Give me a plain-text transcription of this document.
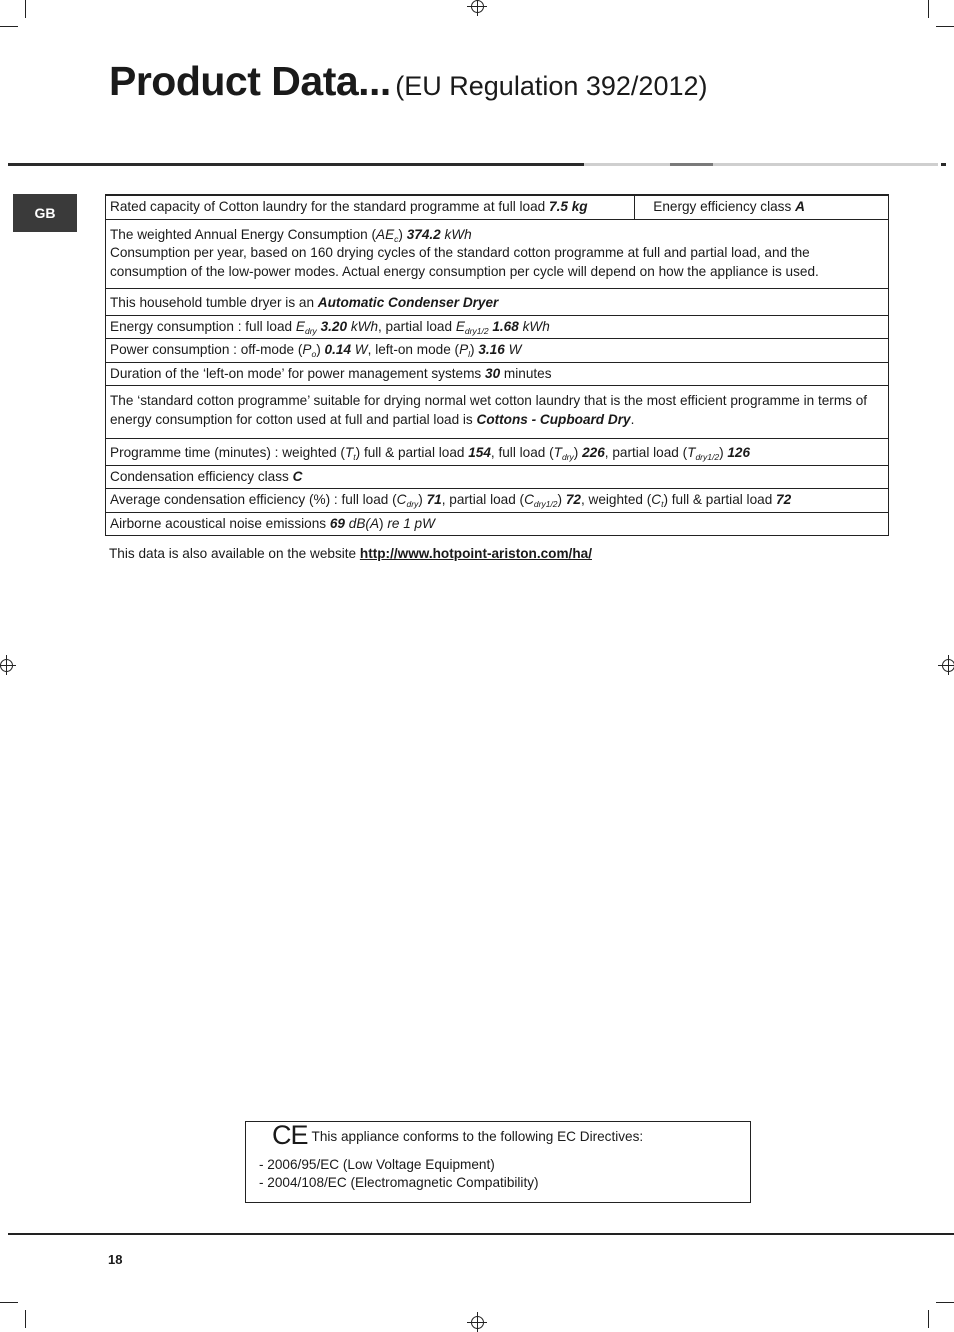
Product Data... (EU Regulation 392/2012)
GB	Rated capacity of Cotton laundry for the standard programme at full load 7.5 kg	Energy efficiency class A

The weighted Annual Energy Consumption $(AE_c)$ 374.2 kWh
Consumption per year, based on 160 drying cycles of the standard cotton programme at full and partial load, and the consumption of the low-power modes. Actual energy consumption per cycle will depend on how the appliance is used.

This household tumble dryer is an Automatic Condenser Dryer
Energy consumption : full load $E_{dry}$ 3.20 kWh, partial load $E_{dry1/2}$ 1.68 kWh
Power consumption : off-mode $(P_o)$ 0.14 W, left-on mode $(P_l)$ 3.16 W
Duration of the ‘left-on mode’ for power management systems 30 minutes
The ‘standard cotton programme’ suitable for drying normal wet cotton laundry that is the most efficient programme in terms of energy consumption for cotton used at full and partial load is Cottons - Cupboard Dry.
Programme time (minutes) : weighted $(T_t)$ full & partial load 154, full load $(T_{dry})$ 226, partial load $(T_{dry1/2})$ 126
Condensation efficiency class C
Average condensation efficiency (%) : full load $(C_{dry})$ 71, partial load $(C_{dry1/2})$ 72, weighted $(C_t)$ full & partial load 72
Airborne acoustical noise emissions 69 dB(A) re 1 pW
This data is also available on the website http://www.hotpoint-ariston.com/ha/
CE This appliance conforms to the following EC Directives:
- 2006/95/EC (Low Voltage Equipment)
- 2004/108/EC (Electromagnetic Compatibility)
18
